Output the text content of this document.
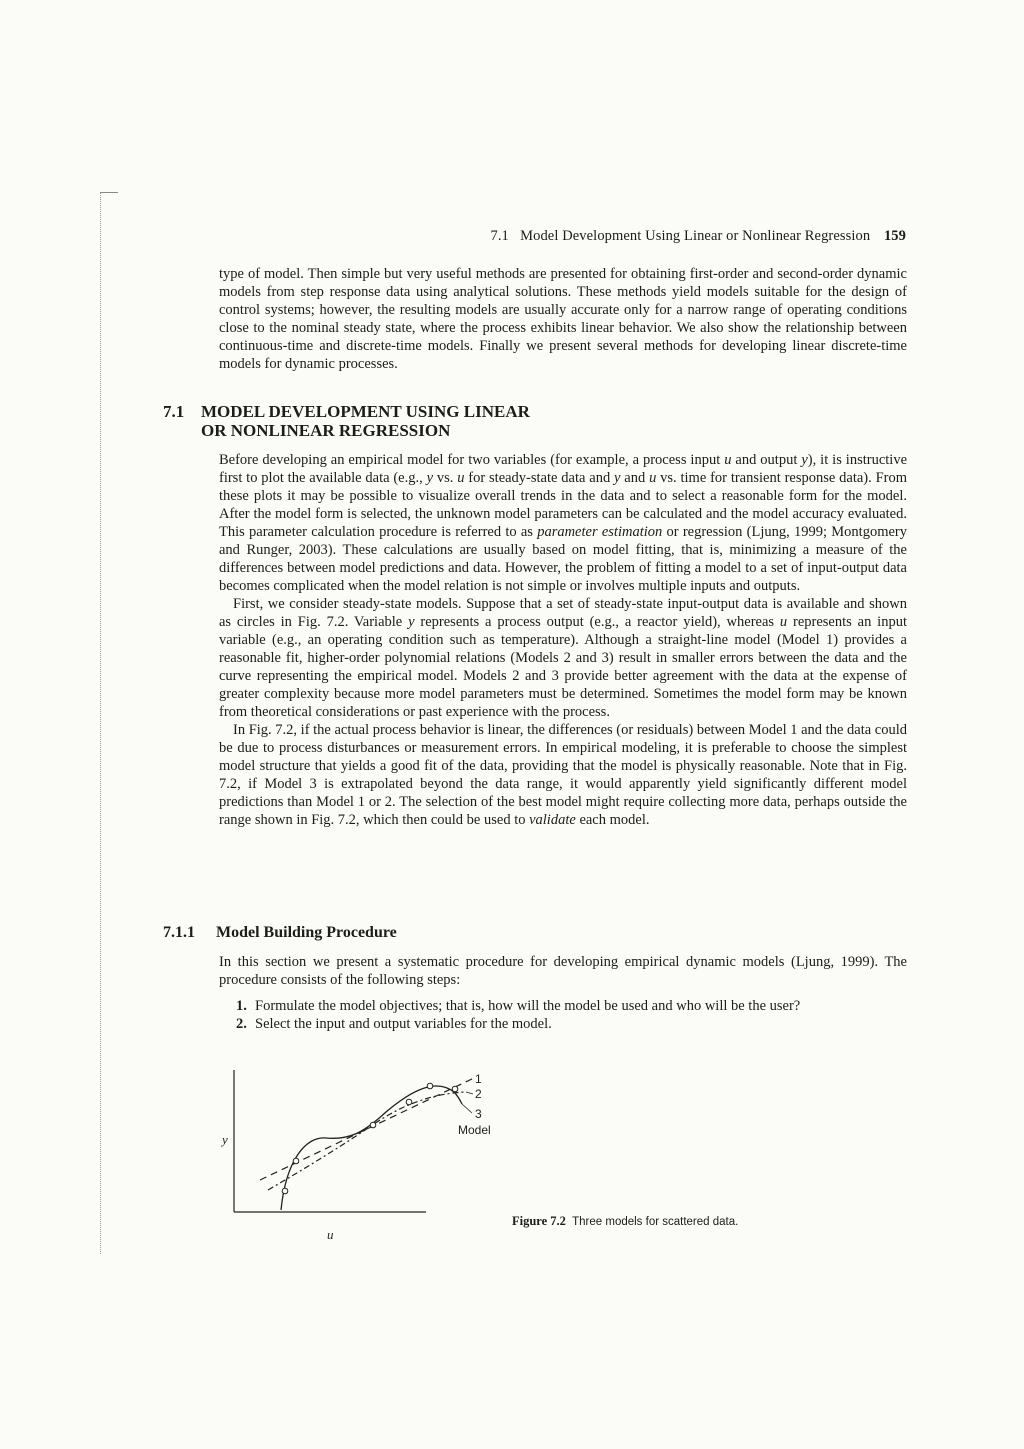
7.1 Model Development Using Linear or Nonlinear Regression 159

type of model. Then simple but very useful methods are presented for obtaining first-order and second-order dynamic models from step response data using analytical solutions. These methods yield models suitable for the design of control systems; however, the resulting models are usually accurate only for a narrow range of operating conditions close to the nominal steady state, where the process exhibits linear behavior. We also show the relationship between continuous-time and discrete-time models. Finally we present several methods for developing linear discrete-time models for dynamic processes.

7.1 MODEL DEVELOPMENT USING LINEAR
OR NONLINEAR REGRESSION

Before developing an empirical model for two variables (for example, a process input u and output y), it is instructive first to plot the available data (e.g., y vs. u for steady-state data and y and u vs. time for transient response data). From these plots it may be possible to visualize overall trends in the data and to select a reasonable form for the model. After the model form is selected, the unknown model parameters can be calculated and the model accuracy evaluated. This parameter calculation procedure is referred to as parameter estimation or regression (Ljung, 1999; Montgomery and Runger, 2003). These calculations are usually based on model fitting, that is, minimizing a measure of the differences between model predictions and data. However, the problem of fitting a model to a set of input-output data becomes complicated when the model relation is not simple or involves multiple inputs and outputs.

First, we consider steady-state models. Suppose that a set of steady-state input-output data is available and shown as circles in Fig. 7.2. Variable y represents a process output (e.g., a reactor yield), whereas u represents an input variable (e.g., an operating condition such as temperature). Although a straight-line model (Model 1) provides a reasonable fit, higher-order polynomial relations (Models 2 and 3) result in smaller errors between the data and the curve representing the empirical model. Models 2 and 3 provide better agreement with the data at the expense of greater complexity because more model parameters must be determined. Sometimes the model form may be known from theoretical considerations or past experience with the process.

In Fig. 7.2, if the actual process behavior is linear, the differences (or residuals) between Model 1 and the data could be due to process disturbances or measurement errors. In empirical modeling, it is preferable to choose the simplest model structure that yields a good fit of the data, providing that the model is physically reasonable. Note that in Fig. 7.2, if Model 3 is extrapolated beyond the data range, it would apparently yield significantly different model predictions than Model 1 or 2. The selection of the best model might require collecting more data, perhaps outside the range shown in Fig. 7.2, which then could be used to validate each model.

7.1.1 Model Building Procedure

In this section we present a systematic procedure for developing empirical dynamic models (Ljung, 1999). The procedure consists of the following steps:

1. Formulate the model objectives; that is, how will the model be used and who will be the user?

2. Select the input and output variables for the model.

y
u
1
2
3
Model
Figure 7.2 Three models for scattered data.
